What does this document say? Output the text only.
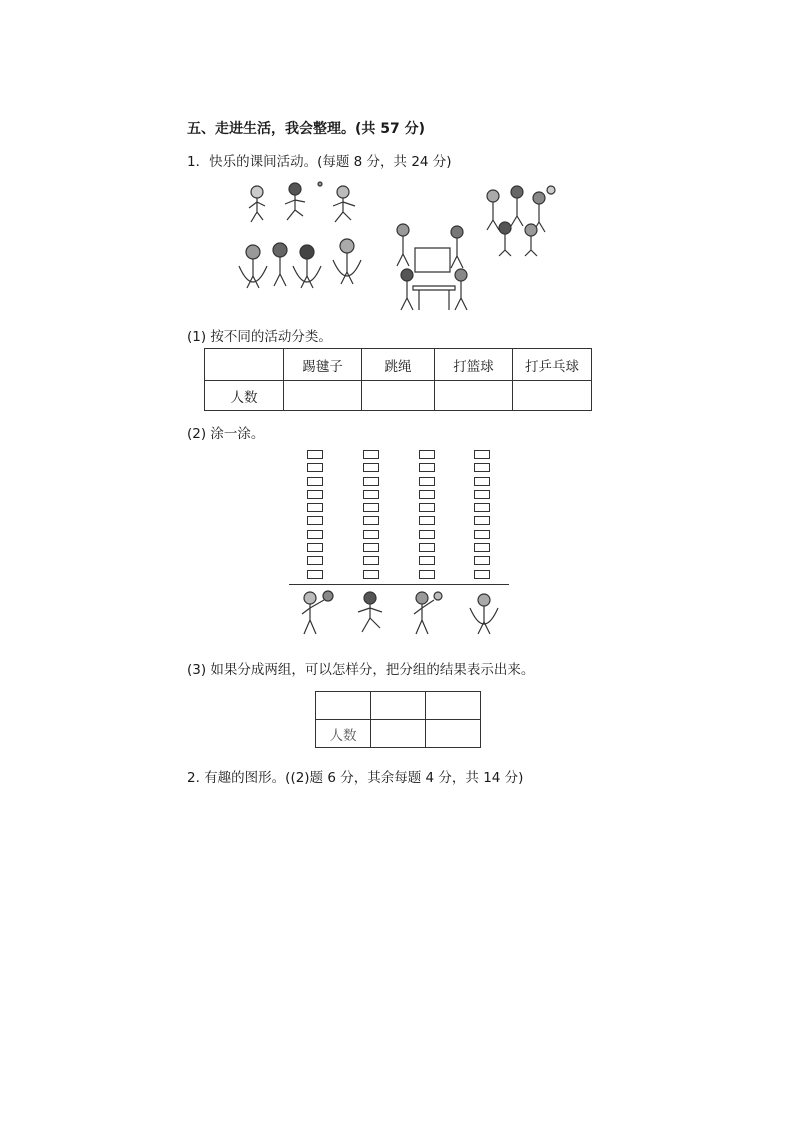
五、走进生活，我会整理。(共 57 分)
1．快乐的课间活动。(每题 8 分，共 24 分)
(1) 按不同的活动分类。
	踢毽子	跳绳	打篮球	打乒乓球
人数				
(2) 涂一涂。
(3) 如果分成两组，可以怎样分，把分组的结果表示出来。

人数		
2. 有趣的图形。((2)题 6 分，其余每题 4 分，共 14 分)
